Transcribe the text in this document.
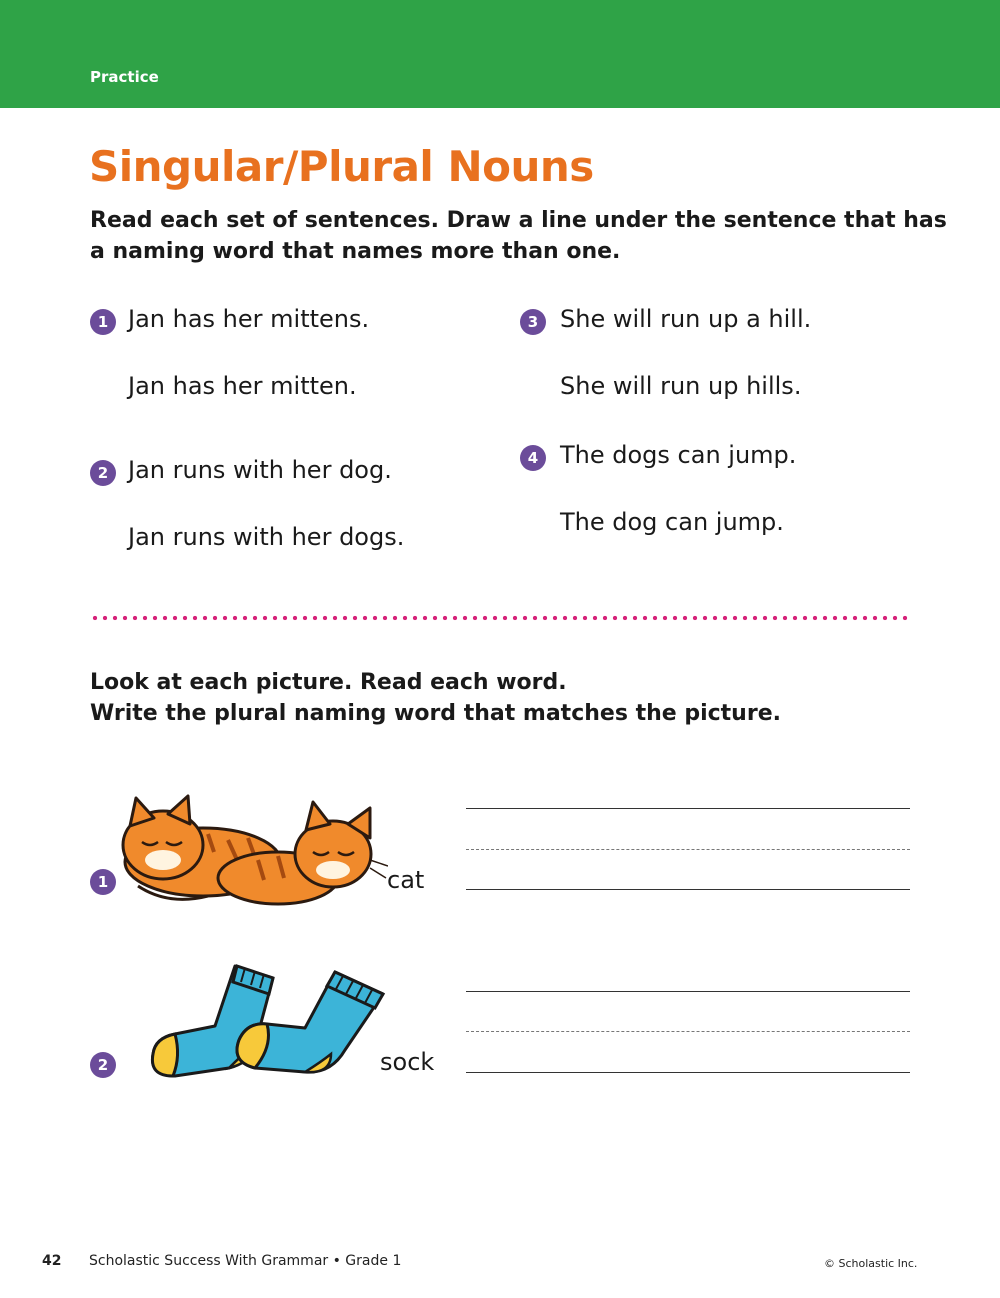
Practice
Singular/Plural Nouns
Read each set of sentences. Draw a line under the sentence that has
a naming word that names more than one.
1 Jan has her mittens.
Jan has her mitten.
2 Jan runs with her dog.
Jan runs with her dogs.
3 She will run up a hill.
She will run up hills.
4 The dogs can jump.
The dog can jump.
Look at each picture. Read each word.
Write the plural naming word that matches the picture.
1	cat
2	sock
42 Scholastic Success With Grammar • Grade 1	© Scholastic Inc.
